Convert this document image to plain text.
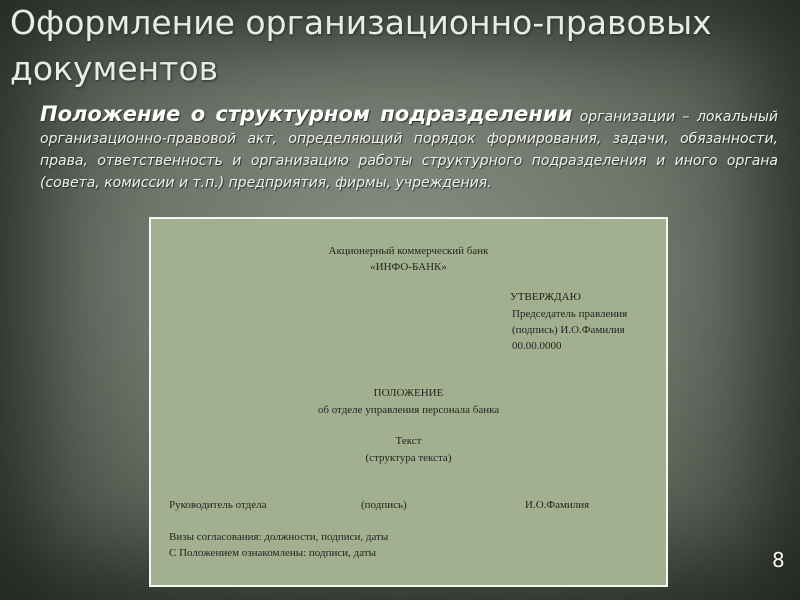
Оформление организационно-правовых документов

Положение о структурном подразделении организации – локальный организационно-правовой акт, определяющий порядок формирования, задачи, обязанности, права, ответственность и организацию работы структурного подразделения и иного органа (совета, комиссии и т.п.) предприятия, фирмы, учреждения.

Акционерный коммерческий банк
«ИНФО-БАНК»
УТВЕРЖДАЮ
Председатель правления
(подпись) И.О.Фамилия
00.00.0000
ПОЛОЖЕНИЕ
об отделе управления персонала банка
Текст
(структура текста)
Руководитель отдела	(подпись)	И.О.Фамилия
Визы согласования: должности, подписи, даты
С Положением ознакомлены: подписи, даты	8
